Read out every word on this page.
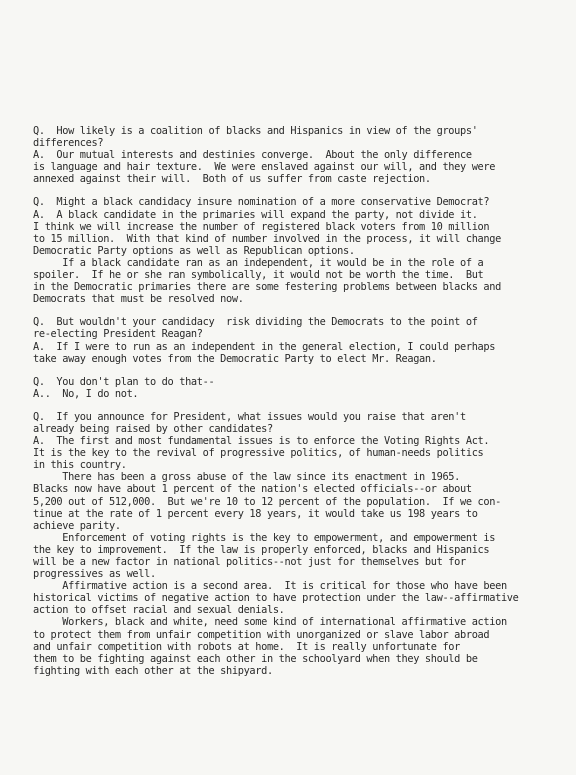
Q.  How likely is a coalition of blacks and Hispanics in view of the groups'
differences?
A.  Our mutual interests and destinies converge.  About the only difference
is language and hair texture.  We were enslaved against our will, and they were
annexed against their will.  Both of us suffer from caste rejection.
Q.  Might a black candidacy insure nomination of a more conservative Democrat?
A.  A black candidate in the primaries will expand the party, not divide it.
I think we will increase the number of registered black voters from 10 million
to 15 million.  With that kind of number involved in the process, it will change
Democratic Party options as well as Republican options.
If a black candidate ran as an independent, it would be in the role of a
spoiler.  If he or she ran symbolically, it would not be worth the time.  But
in the Democratic primaries there are some festering problems between blacks and
Democrats that must be resolved now.
Q.  But wouldn't your candidacy  risk dividing the Democrats to the point of
re-electing President Reagan?
A.  If I were to run as an independent in the general election, I could perhaps
take away enough votes from the Democratic Party to elect Mr. Reagan.
Q.  You don't plan to do that--
A..  No, I do not.
Q.  If you announce for President, what issues would you raise that aren't
already being raised by other candidates?
A.  The first and most fundamental issues is to enforce the Voting Rights Act.
It is the key to the revival of progressive politics, of human-needs politics
in this country.
There has been a gross abuse of the law since its enactment in 1965.
Blacks now have about 1 percent of the nation's elected officials--or about
5,200 out of 512,000.  But we're 10 to 12 percent of the population.  If we con-
tinue at the rate of 1 percent every 18 years, it would take us 198 years to
achieve parity.
Enforcement of voting rights is the key to empowerment, and empowerment is
the key to improvement.  If the law is properly enforced, blacks and Hispanics
will be a new factor in national politics--not just for themselves but for
progressives as well.
Affirmative action is a second area.  It is critical for those who have been
historical victims of negative action to have protection under the law--affirmative
action to offset racial and sexual denials.
Workers, black and white, need some kind of international affirmative action
to protect them from unfair competition with unorganized or slave labor abroad
and unfair competition with robots at home.  It is really unfortunate for
them to be fighting against each other in the schoolyard when they should be
fighting with each other at the shipyard.
